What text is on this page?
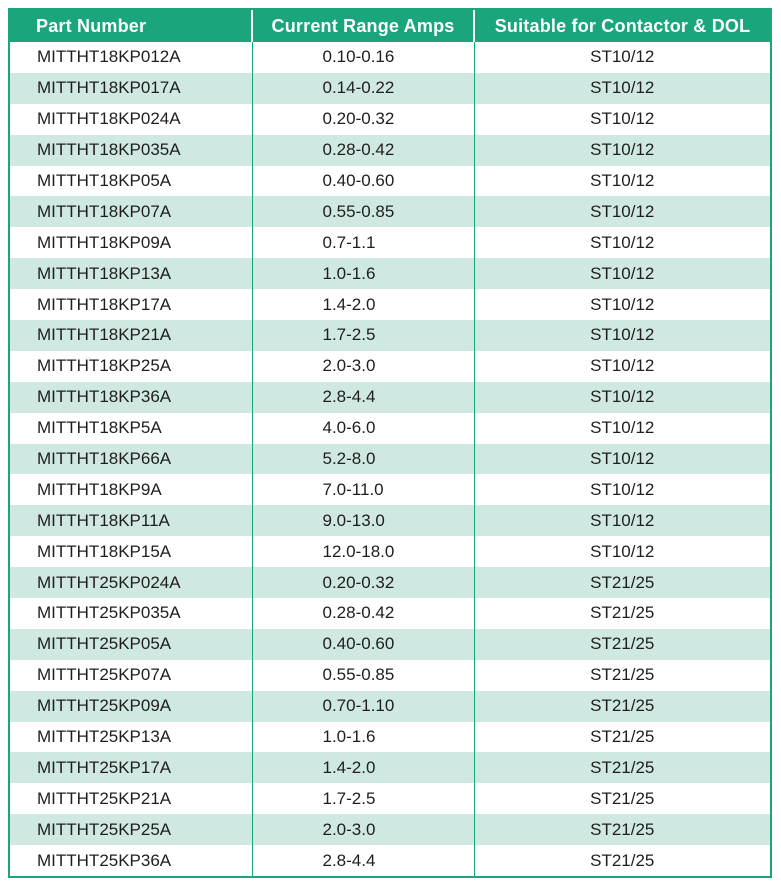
Part Number	Current Range Amps	Suitable for Contactor & DOL
MITTHT18KP012A	0.10-0.16	ST10/12
MITTHT18KP017A	0.14-0.22	ST10/12
MITTHT18KP024A	0.20-0.32	ST10/12
MITTHT18KP035A	0.28-0.42	ST10/12
MITTHT18KP05A	0.40-0.60	ST10/12
MITTHT18KP07A	0.55-0.85	ST10/12
MITTHT18KP09A	0.7-1.1	ST10/12
MITTHT18KP13A	1.0-1.6	ST10/12
MITTHT18KP17A	1.4-2.0	ST10/12
MITTHT18KP21A	1.7-2.5	ST10/12
MITTHT18KP25A	2.0-3.0	ST10/12
MITTHT18KP36A	2.8-4.4	ST10/12
MITTHT18KP5A	4.0-6.0	ST10/12
MITTHT18KP66A	5.2-8.0	ST10/12
MITTHT18KP9A	7.0-11.0	ST10/12
MITTHT18KP11A	9.0-13.0	ST10/12
MITTHT18KP15A	12.0-18.0	ST10/12
MITTHT25KP024A	0.20-0.32	ST21/25
MITTHT25KP035A	0.28-0.42	ST21/25
MITTHT25KP05A	0.40-0.60	ST21/25
MITTHT25KP07A	0.55-0.85	ST21/25
MITTHT25KP09A	0.70-1.10	ST21/25
MITTHT25KP13A	1.0-1.6	ST21/25
MITTHT25KP17A	1.4-2.0	ST21/25
MITTHT25KP21A	1.7-2.5	ST21/25
MITTHT25KP25A	2.0-3.0	ST21/25
MITTHT25KP36A	2.8-4.4	ST21/25
